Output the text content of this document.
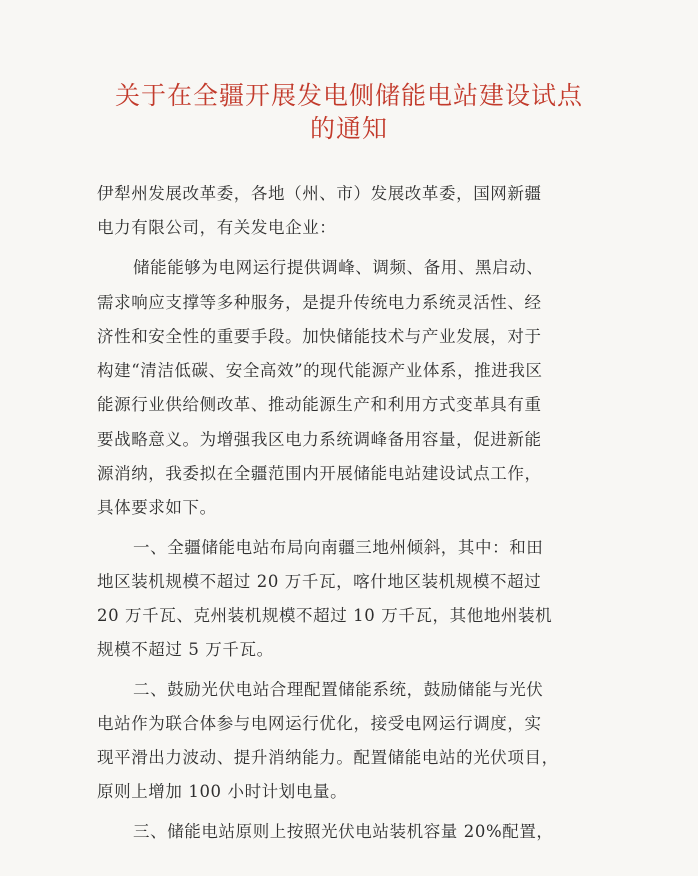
关于在全疆开展发电侧储能电站建设试点
的通知

伊犁州发展改革委，各地（州、市）发展改革委，国网新疆

电力有限公司，有关发电企业：

储能能够为电网运行提供调峰、调频、备用、黑启动、

需求响应支撑等多种服务，是提升传统电力系统灵活性、经

济性和安全性的重要手段。加快储能技术与产业发展，对于

构建“清洁低碳、安全高效”的现代能源产业体系，推进我区

能源行业供给侧改革、推动能源生产和利用方式变革具有重

要战略意义。为增强我区电力系统调峰备用容量，促进新能

源消纳，我委拟在全疆范围内开展储能电站建设试点工作，

具体要求如下。

一、全疆储能电站布局向南疆三地州倾斜，其中：和田

地区装机规模不超过 20 万千瓦，喀什地区装机规模不超过

20 万千瓦、克州装机规模不超过 10 万千瓦，其他地州装机

规模不超过 5 万千瓦。

二、鼓励光伏电站合理配置储能系统，鼓励储能与光伏

电站作为联合体参与电网运行优化，接受电网运行调度，实

现平滑出力波动、提升消纳能力。配置储能电站的光伏项目，

原则上增加 100 小时计划电量。

三、储能电站原则上按照光伏电站装机容量 20%配置，
